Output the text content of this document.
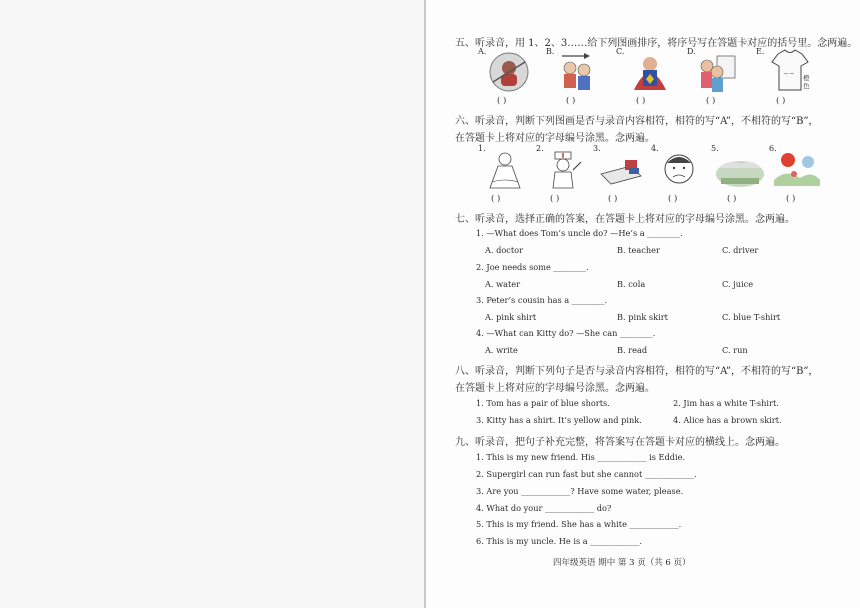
五、听录音，用 1、2、3……给下列图画排序，将序号写在答题卡对应的括号里。念两遍。
A.	B.	C.	D.	E.
~~ 橙色
( )	( )	( )	( )	( )
六、听录音，判断下列图画是否与录音内容相符，相符的写“A”，不相符的写“B”，
在答题卡上将对应的字母编号涂黑。念两遍。
1.	2.	3.	4.	5.	6.
( )	( )	( )	( )	( )	( )
七、听录音，选择正确的答案，在答题卡上将对应的字母编号涂黑。念两遍。
1. —What does Tom’s uncle do? —He’s a ________.
A. doctor	B. teacher	C. driver
2. Joe needs some ________.
A. water	B. cola	C. juice
3. Peter’s cousin has a ________.
A. pink shirt	B. pink skirt	C. blue T-shirt
4. —What can Kitty do? —She can ________.
A. write	B. read	C. run
八、听录音，判断下列句子是否与录音内容相符，相符的写“A”，不相符的写“B”，
在答题卡上将对应的字母编号涂黑。念两遍。
1. Tom has a pair of blue shorts.	2. Jim has a white T-shirt.
3. Kitty has a shirt. It’s yellow and pink.	4. Alice has a brown skirt.
九、听录音，把句子补充完整，将答案写在答题卡对应的横线上。念两遍。
1. This is my new friend. His ____________ is Eddie.
2. Supergirl can run fast but she cannot ____________.
3. Are you ____________? Have some water, please.
4. What do your ____________ do?
5. This is my friend. She has a white ____________.
6. This is my uncle. He is a ____________.
四年级英语 期中 第 3 页（共 6 页）
